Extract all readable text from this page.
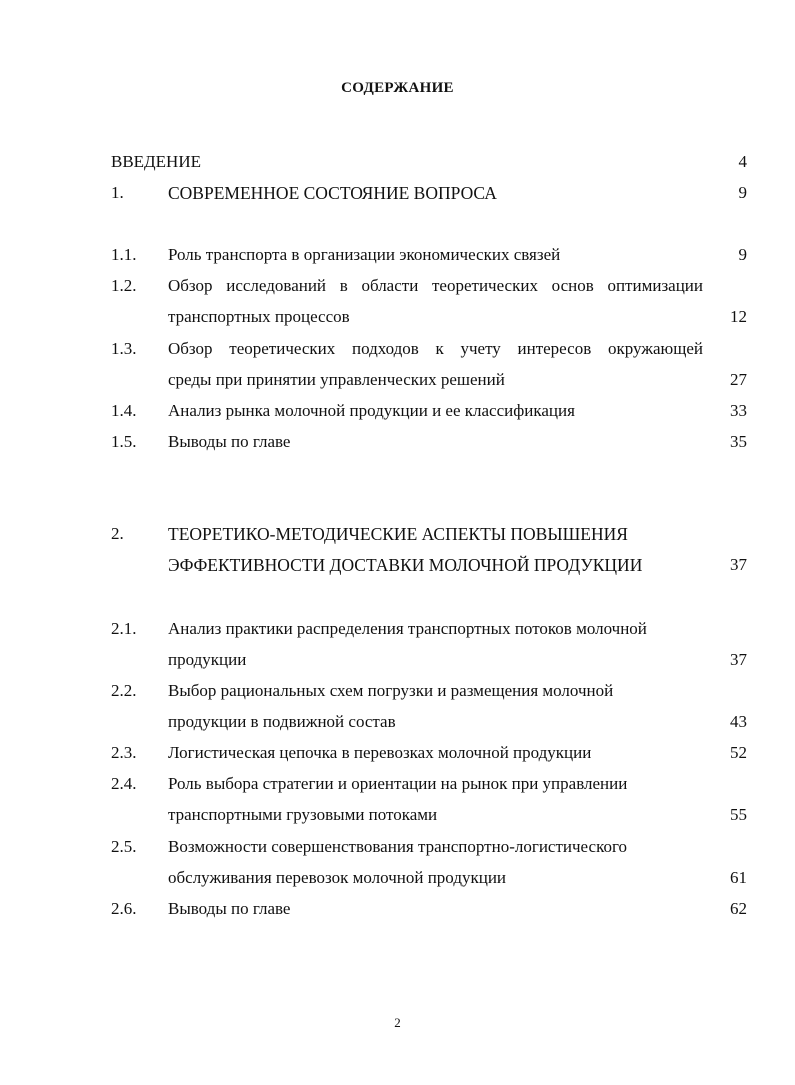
СОДЕРЖАНИЕ
ВВЕДЕНИЕ	4
1.	СОВРЕМЕННОЕ СОСТОЯНИЕ ВОПРОСА	9
1.1. Роль транспорта в организации экономических связей	9
1.2. Обзор исследований в области теоретических основ оптимизации
транспортных процессов	12
1.3. Обзор теоретических подходов к учету интересов окружающей
среды при принятии управленческих решений	27
1.4. Анализ рынка молочной продукции и ее классификация	33
1.5. Выводы по главе	35
2.	ТЕОРЕТИКО-МЕТОДИЧЕСКИЕ АСПЕКТЫ ПОВЫШЕНИЯ
ЭФФЕКТИВНОСТИ ДОСТАВКИ МОЛОЧНОЙ ПРОДУКЦИИ	37
2.1. Анализ практики распределения транспортных потоков молочной
продукции	37
2.2. Выбор рациональных схем погрузки и размещения молочной
продукции в подвижной состав	43
2.3. Логистическая цепочка в перевозках молочной продукции	52
2.4. Роль выбора стратегии и ориентации на рынок при управлении
транспортными грузовыми потоками	55
2.5. Возможности совершенствования транспортно-логистического
обслуживания перевозок молочной продукции	61
2.6. Выводы по главе	62
2
